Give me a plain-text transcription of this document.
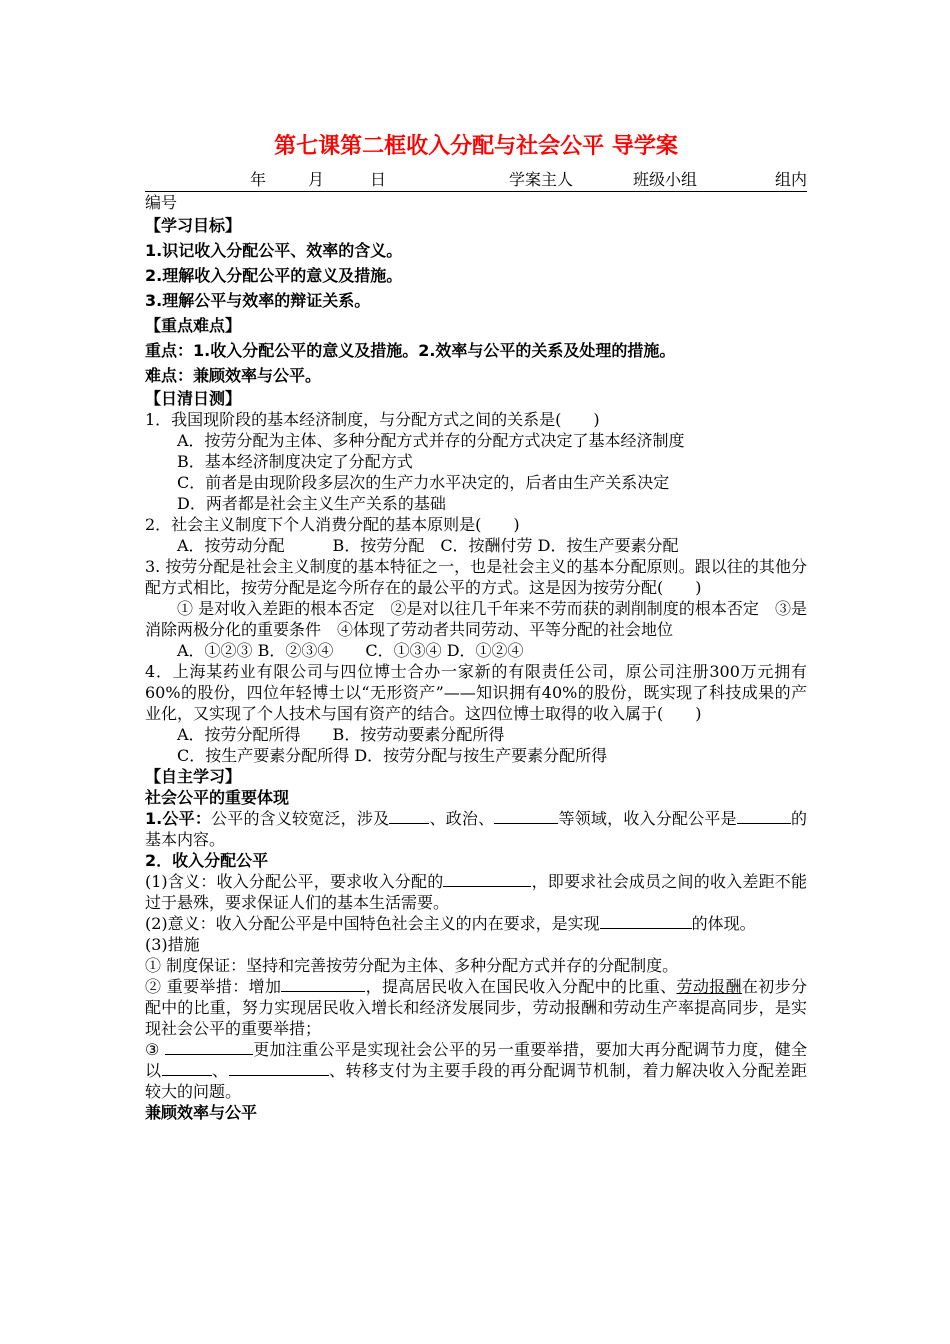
第七课第二框收入分配与社会公平 导学案
年	月	日	学案主人	班级小组	组内
编号
【学习目标】
1.识记收入分配公平、效率的含义。
2.理解收入分配公平的意义及措施。
3.理解公平与效率的辩证关系。
【重点难点】
重点：1.收入分配公平的意义及措施。2.效率与公平的关系及处理的措施。
难点：兼顾效率与公平。
【日清日测】
1．我国现阶段的基本经济制度，与分配方式之间的关系是(　　)
A．按劳分配为主体、多种分配方式并存的分配方式决定了基本经济制度
B．基本经济制度决定了分配方式
C．前者是由现阶段多层次的生产力水平决定的，后者由生产关系决定
D．两者都是社会主义生产关系的基础
2．社会主义制度下个人消费分配的基本原则是(　　)
A．按劳动分配　　　B．按劳分配　C．按酬付劳 D．按生产要素分配
3. 按劳分配是社会主义制度的基本特征之一，也是社会主义的基本分配原则。跟以往的其他分配方式相比，按劳分配是迄今所存在的最公平的方式。这是因为按劳分配(　　)
① 是对收入差距的根本否定　②是对以往几千年来不劳而获的剥削制度的根本否定　③是消除两极分化的重要条件　④体现了劳动者共同劳动、平等分配的社会地位
A．①②③ B．②③④　　C．①③④ D．①②④
4．上海某药业有限公司与四位博士合办一家新的有限责任公司，原公司注册300万元拥有60%的股份，四位年轻博士以“无形资产”——知识拥有40%的股份，既实现了科技成果的产业化，又实现了个人技术与国有资产的结合。这四位博士取得的收入属于(　　)
A．按劳分配所得　　B．按劳动要素分配所得
C．按生产要素分配所得 D．按劳分配与按生产要素分配所得
【自主学习】
社会公平的重要体现
1.公平：公平的含义较宽泛，涉及	、政治、	等领域，收入分配公平是	的基本内容。
2．收入分配公平
(1)含义：收入分配公平，要求收入分配的	，即要求社会成员之间的收入差距不能过于悬殊，要求保证人们的基本生活需要。
(2)意义：收入分配公平是中国特色社会主义的内在要求，是实现	的体现。
(3)措施
① 制度保证：坚持和完善按劳分配为主体、多种分配方式并存的分配制度。
② 重要举措：增加	，提高居民收入在国民收入分配中的比重、劳动报酬在初步分配中的比重，努力实现居民收入增长和经济发展同步，劳动报酬和劳动生产率提高同步，是实现社会公平的重要举措；
③	更加注重公平是实现社会公平的另一重要举措，要加大再分配调节力度，健全以	、	、转移支付为主要手段的再分配调节机制，着力解决收入分配差距较大的问题。
兼顾效率与公平
